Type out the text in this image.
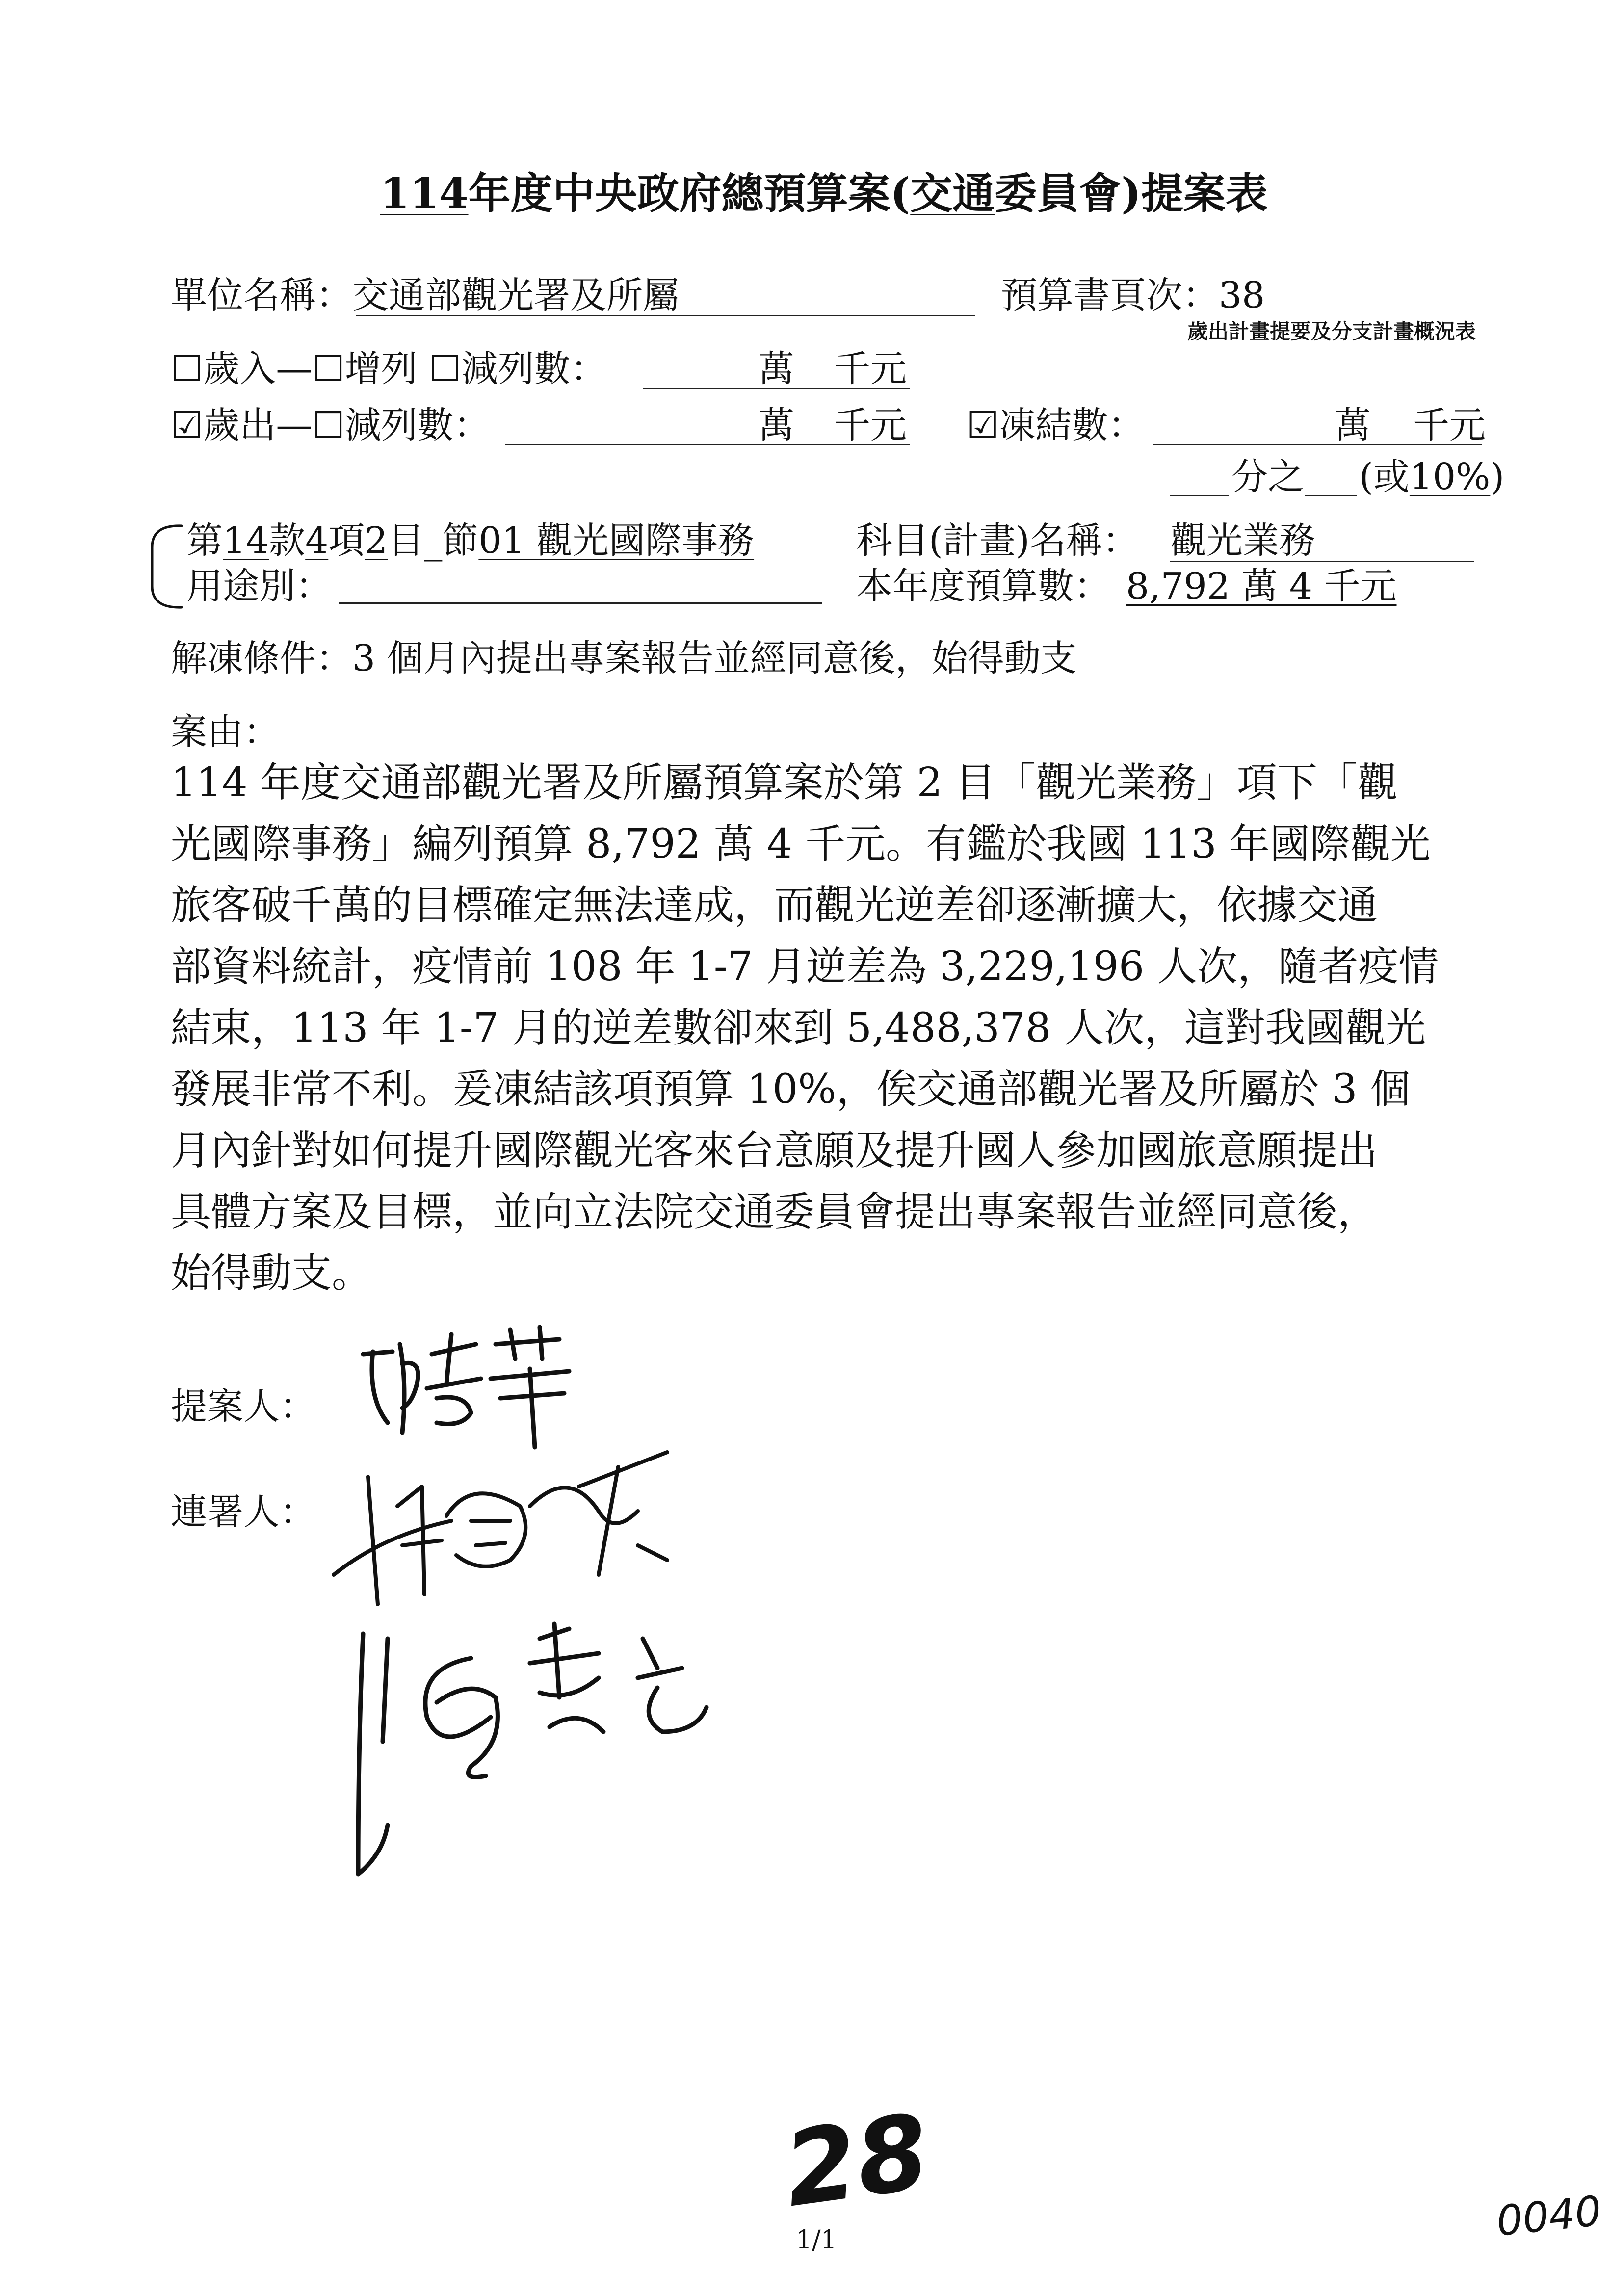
114年度中央政府總預算案(交通委員會)提案表
單位名稱：交通部觀光署及所屬	預算書頁次：38
歲出計畫提要及分支計畫概況表
☐歲入—☐增列 ☐減列數：	萬 千元
☑歲出—☐減列數：	萬 千元 ☑凍結數：	萬 千元
分之 (或10%)
第14款4項2目_節01 觀光國際事務	科目(計畫)名稱： 觀光業務
用途別：	本年度預算數： 8,792 萬 4 千元
解凍條件：3 個月內提出專案報告並經同意後，始得動支
案由：
114 年度交通部觀光署及所屬預算案於第 2 目「觀光業務」項下「觀
光國際事務」編列預算 8,792 萬 4 千元。有鑑於我國 113 年國際觀光
旅客破千萬的目標確定無法達成，而觀光逆差卻逐漸擴大，依據交通
部資料統計，疫情前 108 年 1-7 月逆差為 3,229,196 人次，隨者疫情
結束，113 年 1-7 月的逆差數卻來到 5,488,378 人次，這對我國觀光
發展非常不利。爰凍結該項預算 10%，俟交通部觀光署及所屬於 3 個
月內針對如何提升國際觀光客來台意願及提升國人參加國旅意願提出
具體方案及目標，並向立法院交通委員會提出專案報告並經同意後，
始得動支。
提案人：
連署人：
28
1/1	0040
